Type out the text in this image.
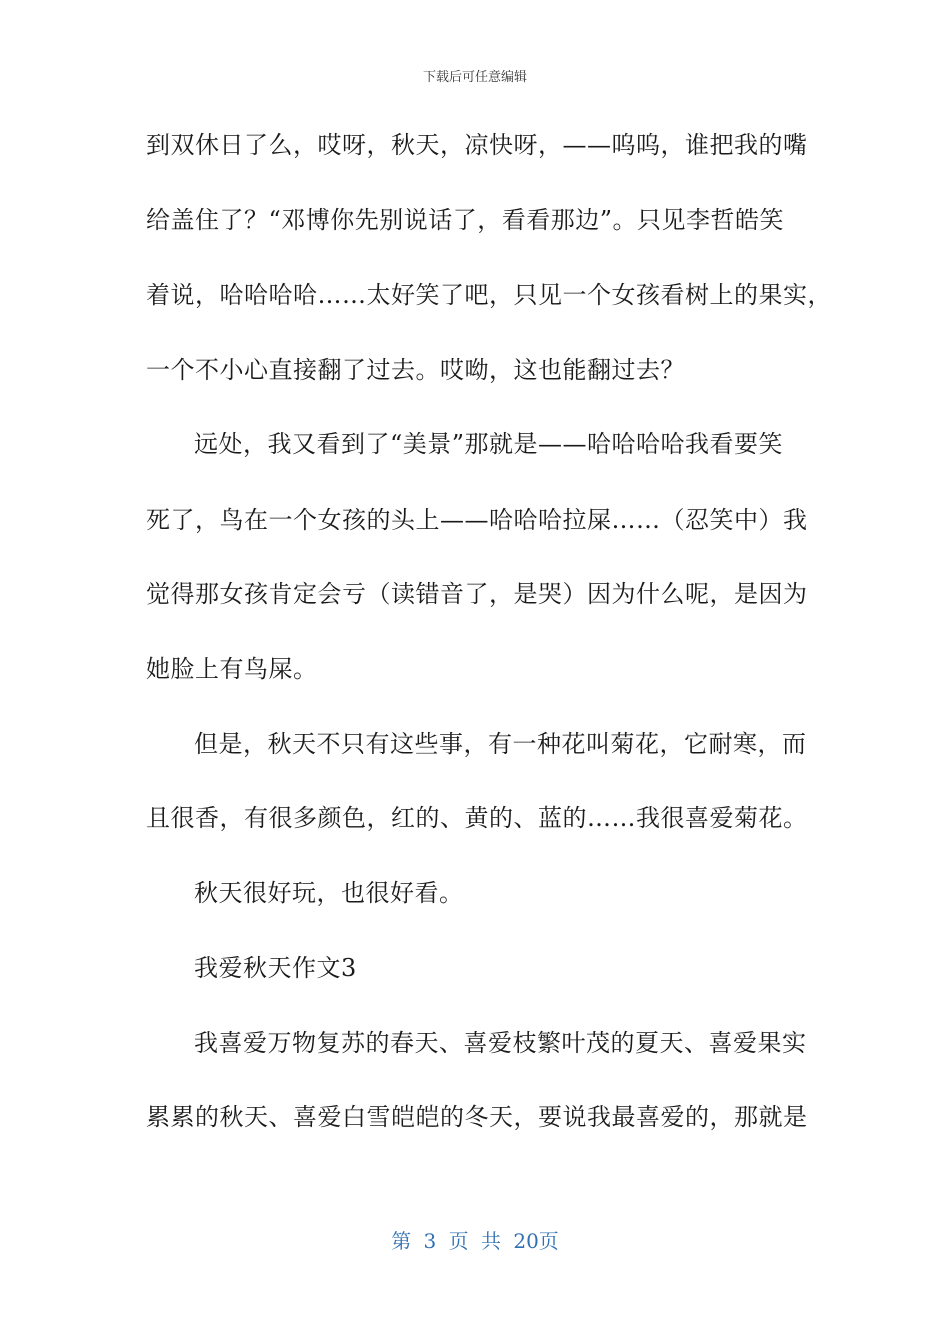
下载后可任意编辑
到双休日了么，哎呀，秋天，凉快呀，——呜呜，谁把我的嘴
给盖住了？“邓博你先别说话了，看看那边”。只见李哲皓笑
着说，哈哈哈哈……太好笑了吧，只见一个女孩看树上的果实，
一个不小心直接翻了过去。哎呦，这也能翻过去？
远处，我又看到了“美景”那就是——哈哈哈哈我看要笑
死了，鸟在一个女孩的头上——哈哈哈拉屎……（忍笑中）我
觉得那女孩肯定会亏（读错音了，是哭）因为什么呢，是因为
她脸上有鸟屎。
但是，秋天不只有这些事，有一种花叫菊花，它耐寒，而
且很香，有很多颜色，红的、黄的、蓝的……我很喜爱菊花。
秋天很好玩，也很好看。
我爱秋天作文3
我喜爱万物复苏的春天、喜爱枝繁叶茂的夏天、喜爱果实
累累的秋天、喜爱白雪皑皑的冬天，要说我最喜爱的，那就是
第 3 页 共 20页
